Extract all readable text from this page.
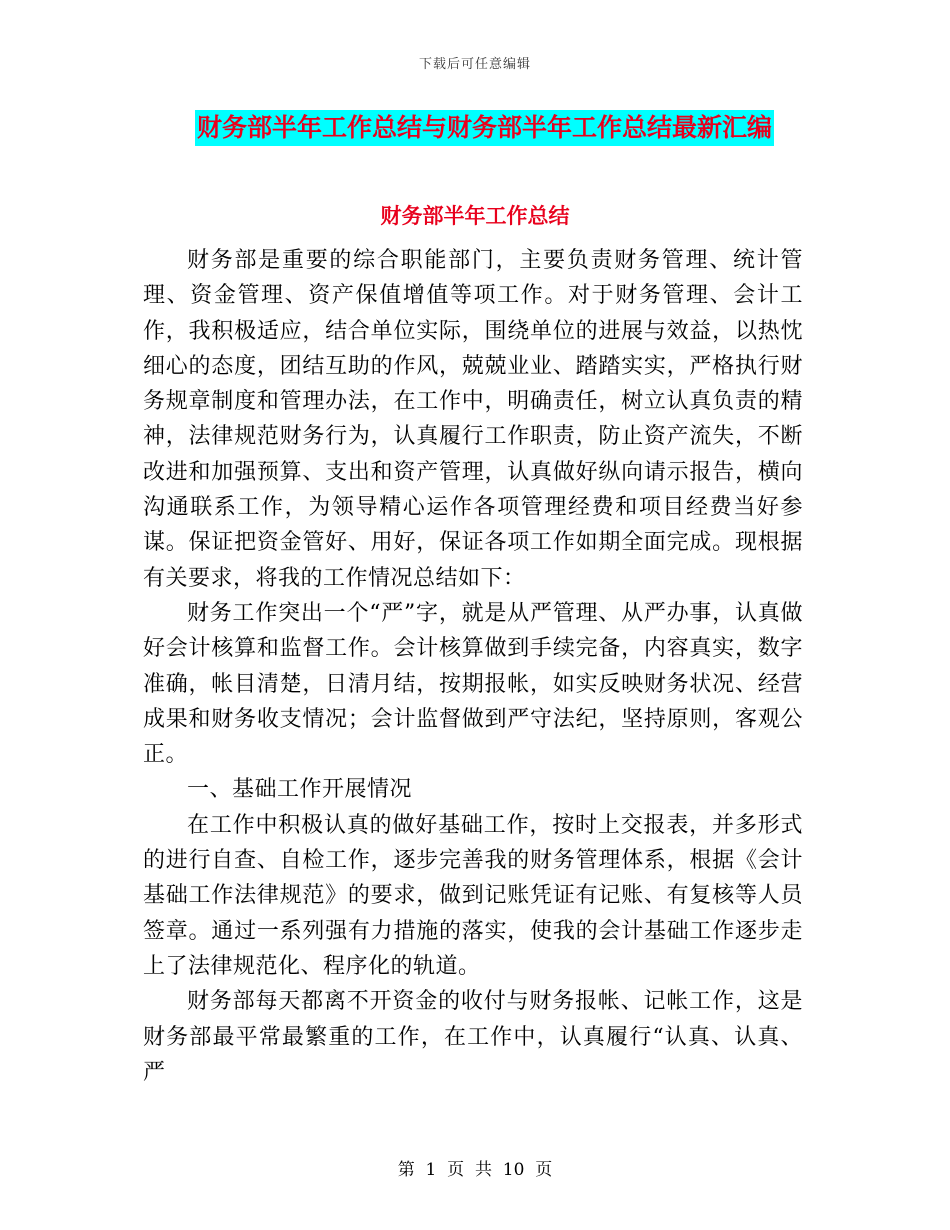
下载后可任意编辑
财务部半年工作总结与财务部半年工作总结最新汇编
财务部半年工作总结

财务部是重要的综合职能部门，主要负责财务管理、统计管理、资金管理、资产保值增值等项工作。对于财务管理、会计工作，我积极适应，结合单位实际，围绕单位的进展与效益，以热忱细心的态度，团结互助的作风，兢兢业业、踏踏实实，严格执行财务规章制度和管理办法，在工作中，明确责任，树立认真负责的精神，法律规范财务行为，认真履行工作职责，防止资产流失，不断改进和加强预算、支出和资产管理，认真做好纵向请示报告，横向沟通联系工作，为领导精心运作各项管理经费和项目经费当好参谋。保证把资金管好、用好，保证各项工作如期全面完成。现根据有关要求，将我的工作情况总结如下：

财务工作突出一个“严”字，就是从严管理、从严办事，认真做好会计核算和监督工作。会计核算做到手续完备，内容真实，数字准确，帐目清楚，日清月结，按期报帐，如实反映财务状况、经营成果和财务收支情况；会计监督做到严守法纪，坚持原则，客观公正。

一、基础工作开展情况

在工作中积极认真的做好基础工作，按时上交报表，并多形式的进行自查、自检工作，逐步完善我的财务管理体系，根据《会计基础工作法律规范》的要求，做到记账凭证有记账、有复核等人员签章。通过一系列强有力措施的落实，使我的会计基础工作逐步走上了法律规范化、程序化的轨道。

财务部每天都离不开资金的收付与财务报帐、记帐工作，这是财务部最平常最繁重的工作，在工作中，认真履行“认真、认真、严

第  1  页  共  10  页
